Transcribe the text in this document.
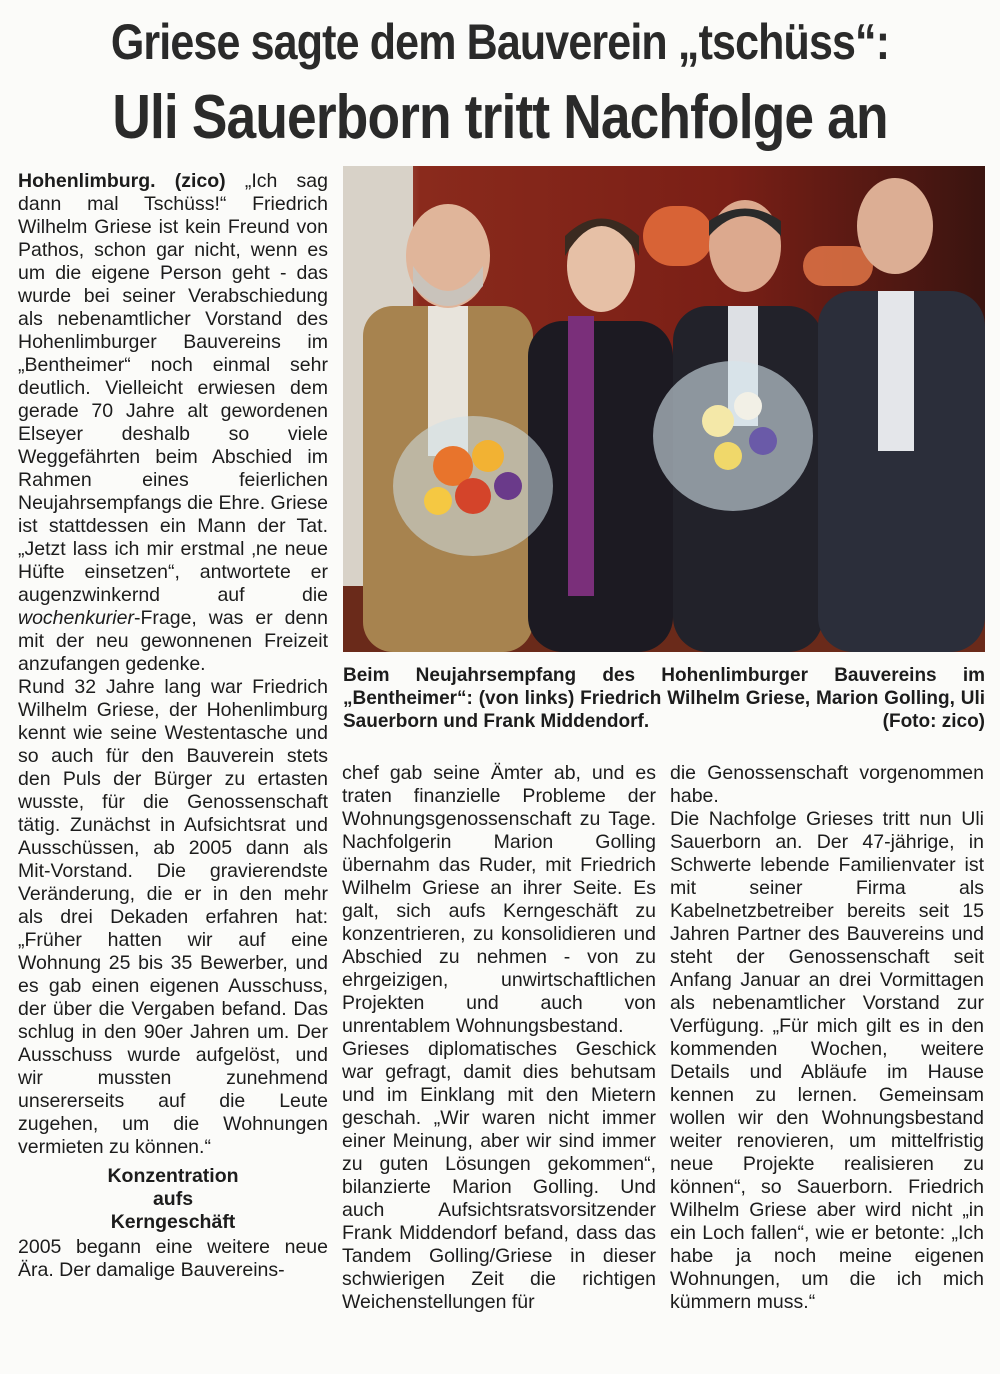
Griese sagte dem Bauverein „tschüss“:
Uli Sauerborn tritt Nachfolge an

Hohenlimburg. (zico) „Ich sag dann mal Tschüss!“ Friedrich Wilhelm Griese ist kein Freund von Pathos, schon gar nicht, wenn es um die eigene Person geht - das wurde bei seiner Verabschiedung als nebenamtlicher Vorstand des Hohenlimburger Bauvereins im „Bentheimer“ noch einmal sehr deutlich. Vielleicht erwiesen dem gerade 70 Jahre alt gewordenen Elseyer deshalb so viele Weggefährten beim Abschied im Rahmen eines feierlichen Neujahrsempfangs die Ehre. Griese ist stattdessen ein Mann der Tat. „Jetzt lass ich mir erstmal ‚ne neue Hüfte einsetzen“, antwortete er augenzwinkernd auf die wochenkurier-Frage, was er denn mit der neu gewonnenen Freizeit anzufangen gedenke.

Rund 32 Jahre lang war Friedrich Wilhelm Griese, der Hohenlimburg kennt wie seine Westentasche und so auch für den Bauverein stets den Puls der Bürger zu ertasten wusste, für die Genossenschaft tätig. Zunächst in Aufsichtsrat und Ausschüssen, ab 2005 dann als Mit-Vorstand. Die gravierendste Veränderung, die er in den mehr als drei Dekaden erfahren hat: „Früher hatten wir auf eine Wohnung 25 bis 35 Bewerber, und es gab einen eigenen Ausschuss, der über die Vergaben befand. Das schlug in den 90er Jahren um. Der Ausschuss wurde aufgelöst, und wir mussten zunehmend unsererseits auf die Leute zugehen, um die Wohnungen vermieten zu können.“

Konzentration
aufs
Kerngeschäft

2005 begann eine weitere neue Ära. Der damalige Bauvereins-

Beim Neujahrsempfang des Hohenlimburger Bauvereins im „Bentheimer“: (von links) Friedrich Wilhelm Griese, Marion Golling, Uli Sauerborn und Frank Middendorf.	(Foto: zico)

chef gab seine Ämter ab, und es traten finanzielle Probleme der Wohnungsgenossenschaft zu Tage. Nachfolgerin Marion Golling übernahm das Ruder, mit Friedrich Wilhelm Griese an ihrer Seite. Es galt, sich aufs Kerngeschäft zu konzentrieren, zu konsolidieren und Abschied zu nehmen - von zu ehrgeizigen, unwirtschaftlichen Projekten und auch von unrentablem Wohnungsbestand.

Grieses diplomatisches Geschick war gefragt, damit dies behutsam und im Einklang mit den Mietern geschah. „Wir waren nicht immer einer Meinung, aber wir sind immer zu guten Lösungen gekommen“, bilanzierte Marion Golling. Und auch Aufsichtsratsvorsitzender Frank Middendorf befand, dass das Tandem Golling/Griese in dieser schwierigen Zeit die richtigen Weichenstellungen für

die Genossenschaft vorgenommen habe.

Die Nachfolge Grieses tritt nun Uli Sauerborn an. Der 47-jährige, in Schwerte lebende Familienvater ist mit seiner Firma als Kabelnetzbetreiber bereits seit 15 Jahren Partner des Bauvereins und steht der Genossenschaft seit Anfang Januar an drei Vormittagen als nebenamtlicher Vorstand zur Verfügung. „Für mich gilt es in den kommenden Wochen, weitere Details und Abläufe im Hause kennen zu lernen. Gemeinsam wollen wir den Wohnungsbestand weiter renovieren, um mittelfristig neue Projekte realisieren zu können“, so Sauerborn. Friedrich Wilhelm Griese aber wird nicht „in ein Loch fallen“, wie er betonte: „Ich habe ja noch meine eigenen Wohnungen, um die ich mich kümmern muss.“
